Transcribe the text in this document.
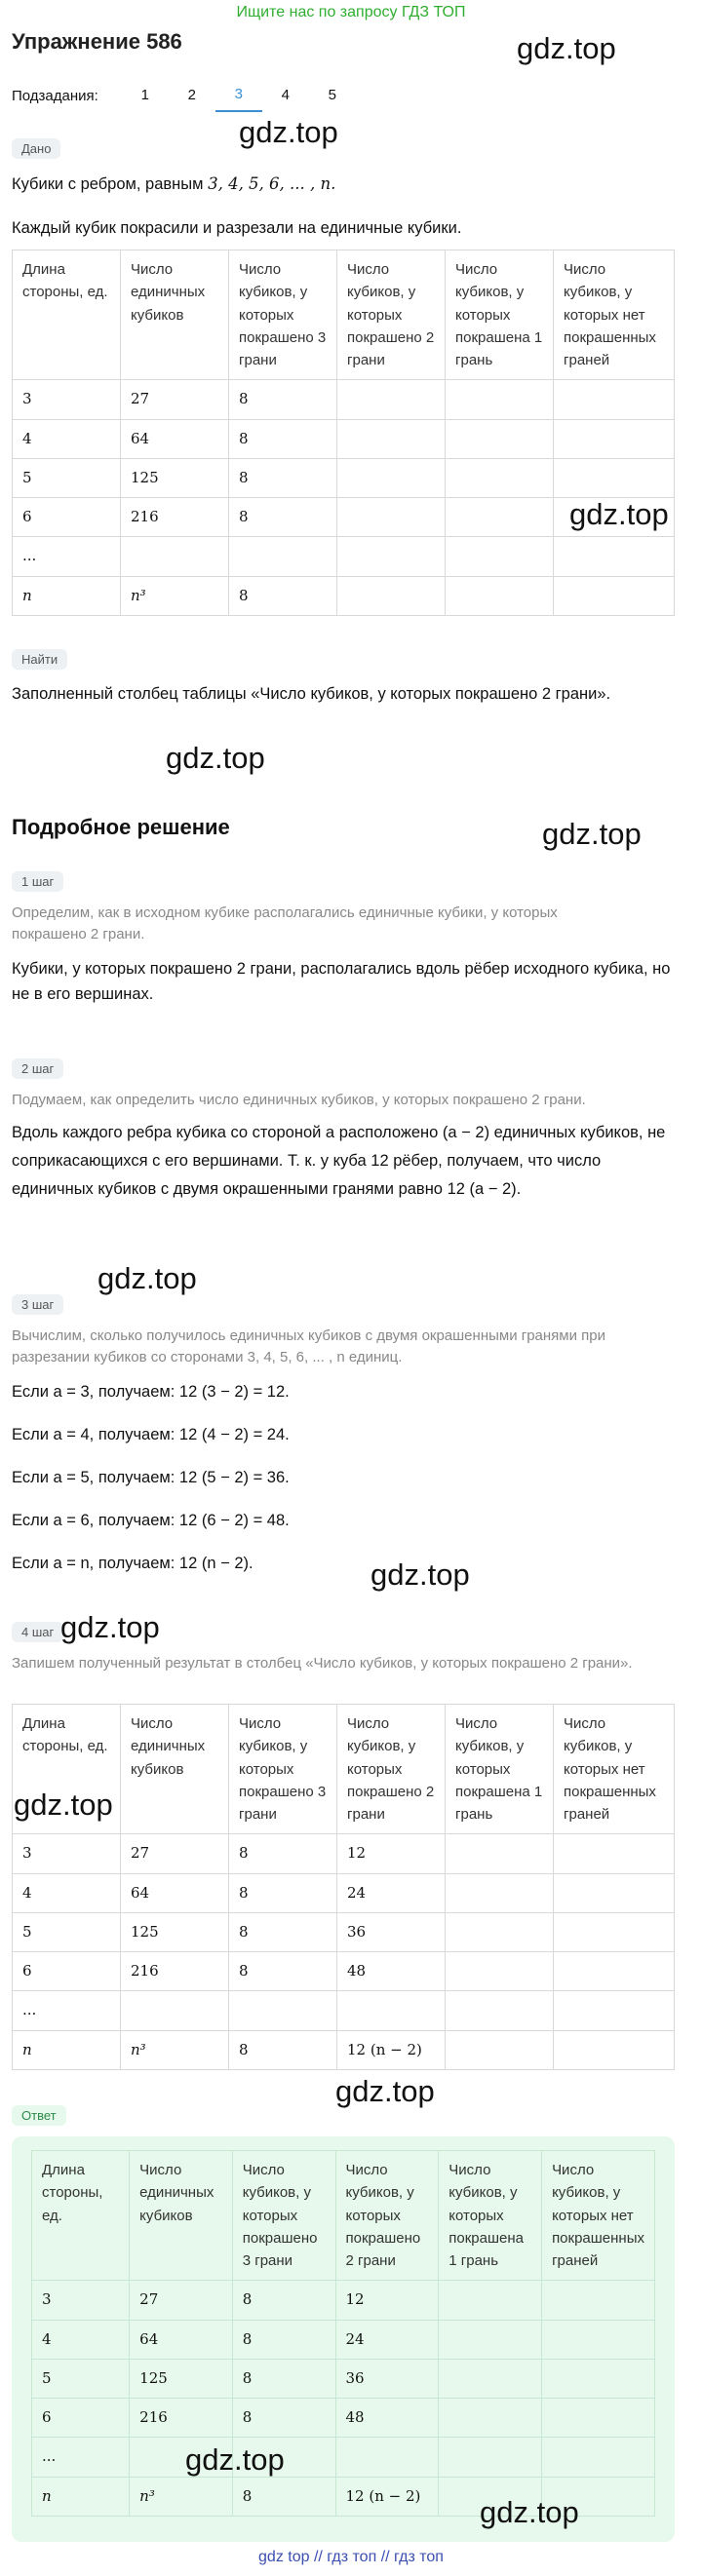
Ищите нас по запросу ГДЗ ТОП
Упражнение 586	gdz.top
Подзадания:	1	2	3	4	5
gdz.top
Дано
Кубики с ребром, равным 3, 4, 5, 6, ... , n.
Каждый кубик покрасили и разрезали на единичные кубики.
Длина стороны, ед.	Число единичных кубиков	Число кубиков, у которых покрашено 3 грани	Число кубиков, у которых покрашено 2 грани	Число кубиков, у которых покрашена 1 грань	Число кубиков, у которых нет покрашенных граней
3	27	8			
4	64	8			
5	125	8			
6	216	8			
...					
n	n³	8			
gdz.top
Найти
Заполненный столбец таблицы «Число кубиков, у которых покрашено 2 грани».
gdz.top
Подробное решение	gdz.top
1 шаг
Определим, как в исходном кубике располагались единичные кубики, у которых покрашено 2 грани.
Кубики, у которых покрашено 2 грани, располагались вдоль рёбер исходного кубика, но не в его вершинах.
2 шаг
Подумаем, как определить число единичных кубиков, у которых покрашено 2 грани.
Вдоль каждого ребра кубика со стороной a расположено (a − 2) единичных кубиков, не соприкасающихся с его вершинами. Т. к. у куба 12 рёбер, получаем, что число единичных кубиков с двумя окрашенными гранями равно 12 (a − 2).
gdz.top
3 шаг
Вычислим, сколько получилось единичных кубиков с двумя окрашенными гранями при разрезании кубиков со сторонами 3, 4, 5, 6, ... , n единиц.
Если a = 3, получаем: 12 (3 − 2) = 12.
Если a = 4, получаем: 12 (4 − 2) = 24.
Если a = 5, получаем: 12 (5 − 2) = 36.
Если a = 6, получаем: 12 (6 − 2) = 48.
Если a = n, получаем: 12 (n − 2).	gdz.top
4 шаг gdz.top
Запишем полученный результат в столбец «Число кубиков, у которых покрашено 2 грани».
Длина стороны, ед.	Число единичных кубиков	Число кубиков, у которых покрашено 3 грани	Число кубиков, у которых покрашено 2 грани	Число кубиков, у которых покрашена 1 грань	Число кубиков, у которых нет покрашенных граней
3	27	8	12		
4	64	8	24		
5	125	8	36		
6	216	8	48		
...					
n	n³	8	12 (n − 2)		
gdz.top
gdz.top
Ответ
Длина стороны, ед.	Число единичных кубиков	Число кубиков, у которых покрашено 3 грани	Число кубиков, у которых покрашено 2 грани	Число кубиков, у которых покрашена 1 грань	Число кубиков, у которых нет покрашенных граней
3	27	8	12		
4	64	8	24		
5	125	8	36		
6	216	8	48		
...					
n	n³	8	12 (n − 2)		
gdz.top
gdz.top
gdz top // гдз топ // гдз топ
